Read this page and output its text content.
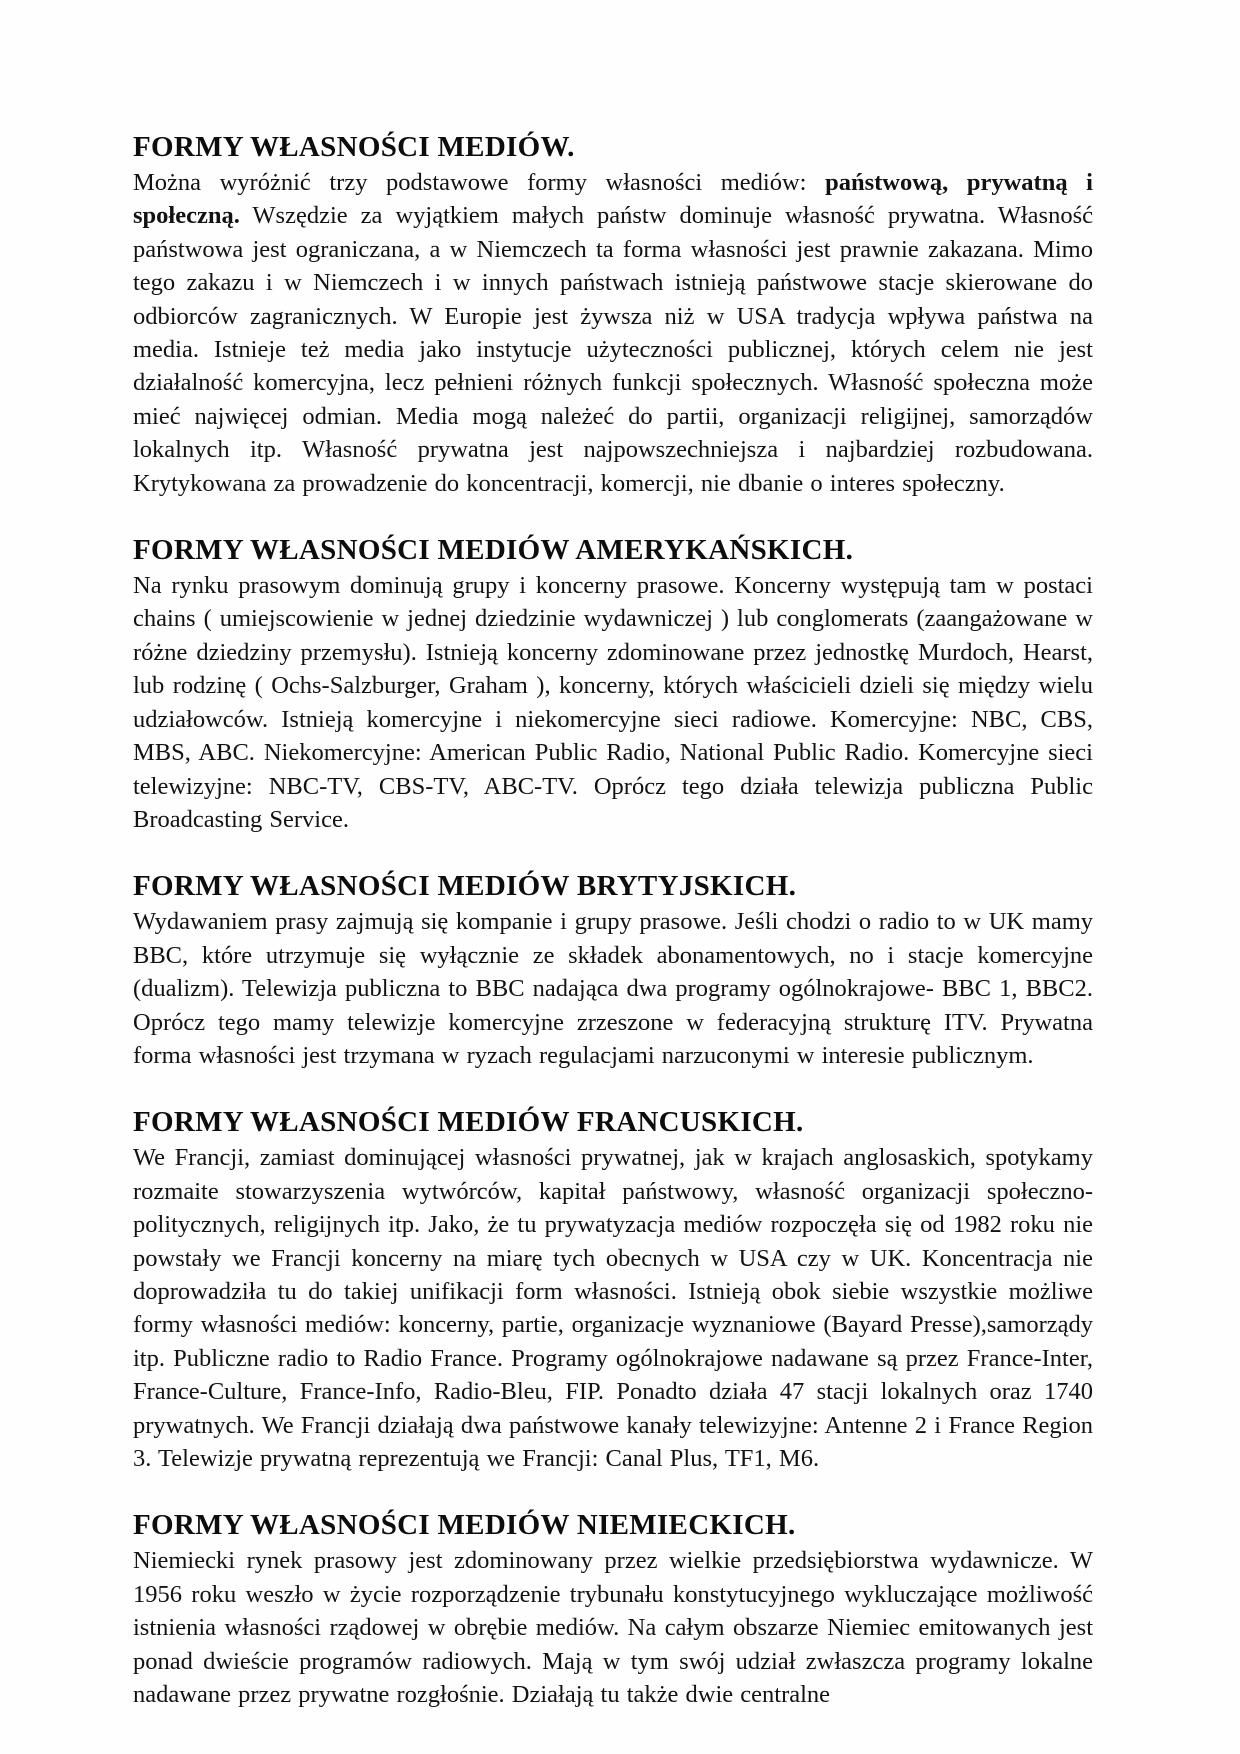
FORMY WŁASNOŚCI MEDIÓW.

Można wyróżnić trzy podstawowe formy własności mediów: państwową, prywatną i społeczną. Wszędzie za wyjątkiem małych państw dominuje własność prywatna. Własność państwowa jest ograniczana, a w Niemczech ta forma własności jest prawnie zakazana. Mimo tego zakazu i w Niemczech i w innych państwach istnieją państwowe stacje skierowane do odbiorców zagranicznych. W Europie jest żywsza niż w USA tradycja wpływa państwa na media. Istnieje też media jako instytucje użyteczności publicznej, których celem nie jest działalność komercyjna, lecz pełnieni różnych funkcji społecznych. Własność społeczna może mieć najwięcej odmian. Media mogą należeć do partii, organizacji religijnej, samorządów lokalnych itp. Własność prywatna jest najpowszechniejsza i najbardziej rozbudowana. Krytykowana za prowadzenie do koncentracji, komercji, nie dbanie o interes społeczny.

FORMY WŁASNOŚCI MEDIÓW AMERYKAŃSKICH.

Na rynku prasowym dominują grupy i koncerny prasowe. Koncerny występują tam w postaci chains ( umiejscowienie w jednej dziedzinie wydawniczej ) lub conglomerats (zaangażowane w różne dziedziny przemysłu). Istnieją koncerny zdominowane przez jednostkę Murdoch, Hearst, lub rodzinę ( Ochs-Salzburger, Graham ), koncerny, których właścicieli dzieli się między wielu udziałowców. Istnieją komercyjne i niekomercyjne sieci radiowe. Komercyjne: NBC, CBS, MBS, ABC. Niekomercyjne: American Public Radio, National Public Radio. Komercyjne sieci telewizyjne: NBC-TV, CBS-TV, ABC-TV. Oprócz tego działa telewizja publiczna Public Broadcasting Service.

FORMY WŁASNOŚCI MEDIÓW BRYTYJSKICH.

Wydawaniem prasy zajmują się kompanie i grupy prasowe. Jeśli chodzi o radio to w UK mamy BBC, które utrzymuje się wyłącznie ze składek abonamentowych, no i stacje komercyjne (dualizm). Telewizja publiczna to BBC nadająca dwa programy ogólnokrajowe- BBC 1, BBC2. Oprócz tego mamy telewizje komercyjne zrzeszone w federacyjną strukturę ITV. Prywatna forma własności jest trzymana w ryzach regulacjami narzuconymi w interesie publicznym.

FORMY WŁASNOŚCI MEDIÓW FRANCUSKICH.

We Francji, zamiast dominującej własności prywatnej, jak w krajach anglosaskich, spotykamy rozmaite stowarzyszenia wytwórców, kapitał państwowy, własność organizacji społeczno-politycznych, religijnych itp. Jako, że tu prywatyzacja mediów rozpoczęła się od 1982 roku nie powstały we Francji koncerny na miarę tych obecnych w USA czy w UK. Koncentracja nie doprowadziła tu do takiej unifikacji form własności. Istnieją obok siebie wszystkie możliwe formy własności mediów: koncerny, partie, organizacje wyznaniowe (Bayard Presse),samorządy itp. Publiczne radio to Radio France. Programy ogólnokrajowe nadawane są przez France-Inter, France-Culture, France-Info, Radio-Bleu, FIP. Ponadto działa 47 stacji lokalnych oraz 1740 prywatnych. We Francji działają dwa państwowe kanały telewizyjne: Antenne 2 i France Region 3. Telewizje prywatną reprezentują we Francji: Canal Plus, TF1, M6.

FORMY WŁASNOŚCI MEDIÓW NIEMIECKICH.

Niemiecki rynek prasowy jest zdominowany przez wielkie przedsiębiorstwa wydawnicze. W 1956 roku weszło w życie rozporządzenie trybunału konstytucyjnego wykluczające możliwość istnienia własności rządowej w obrębie mediów. Na całym obszarze Niemiec emitowanych jest ponad dwieście programów radiowych. Mają w tym swój udział zwłaszcza programy lokalne nadawane przez prywatne rozgłośnie. Działają tu także dwie centralne
